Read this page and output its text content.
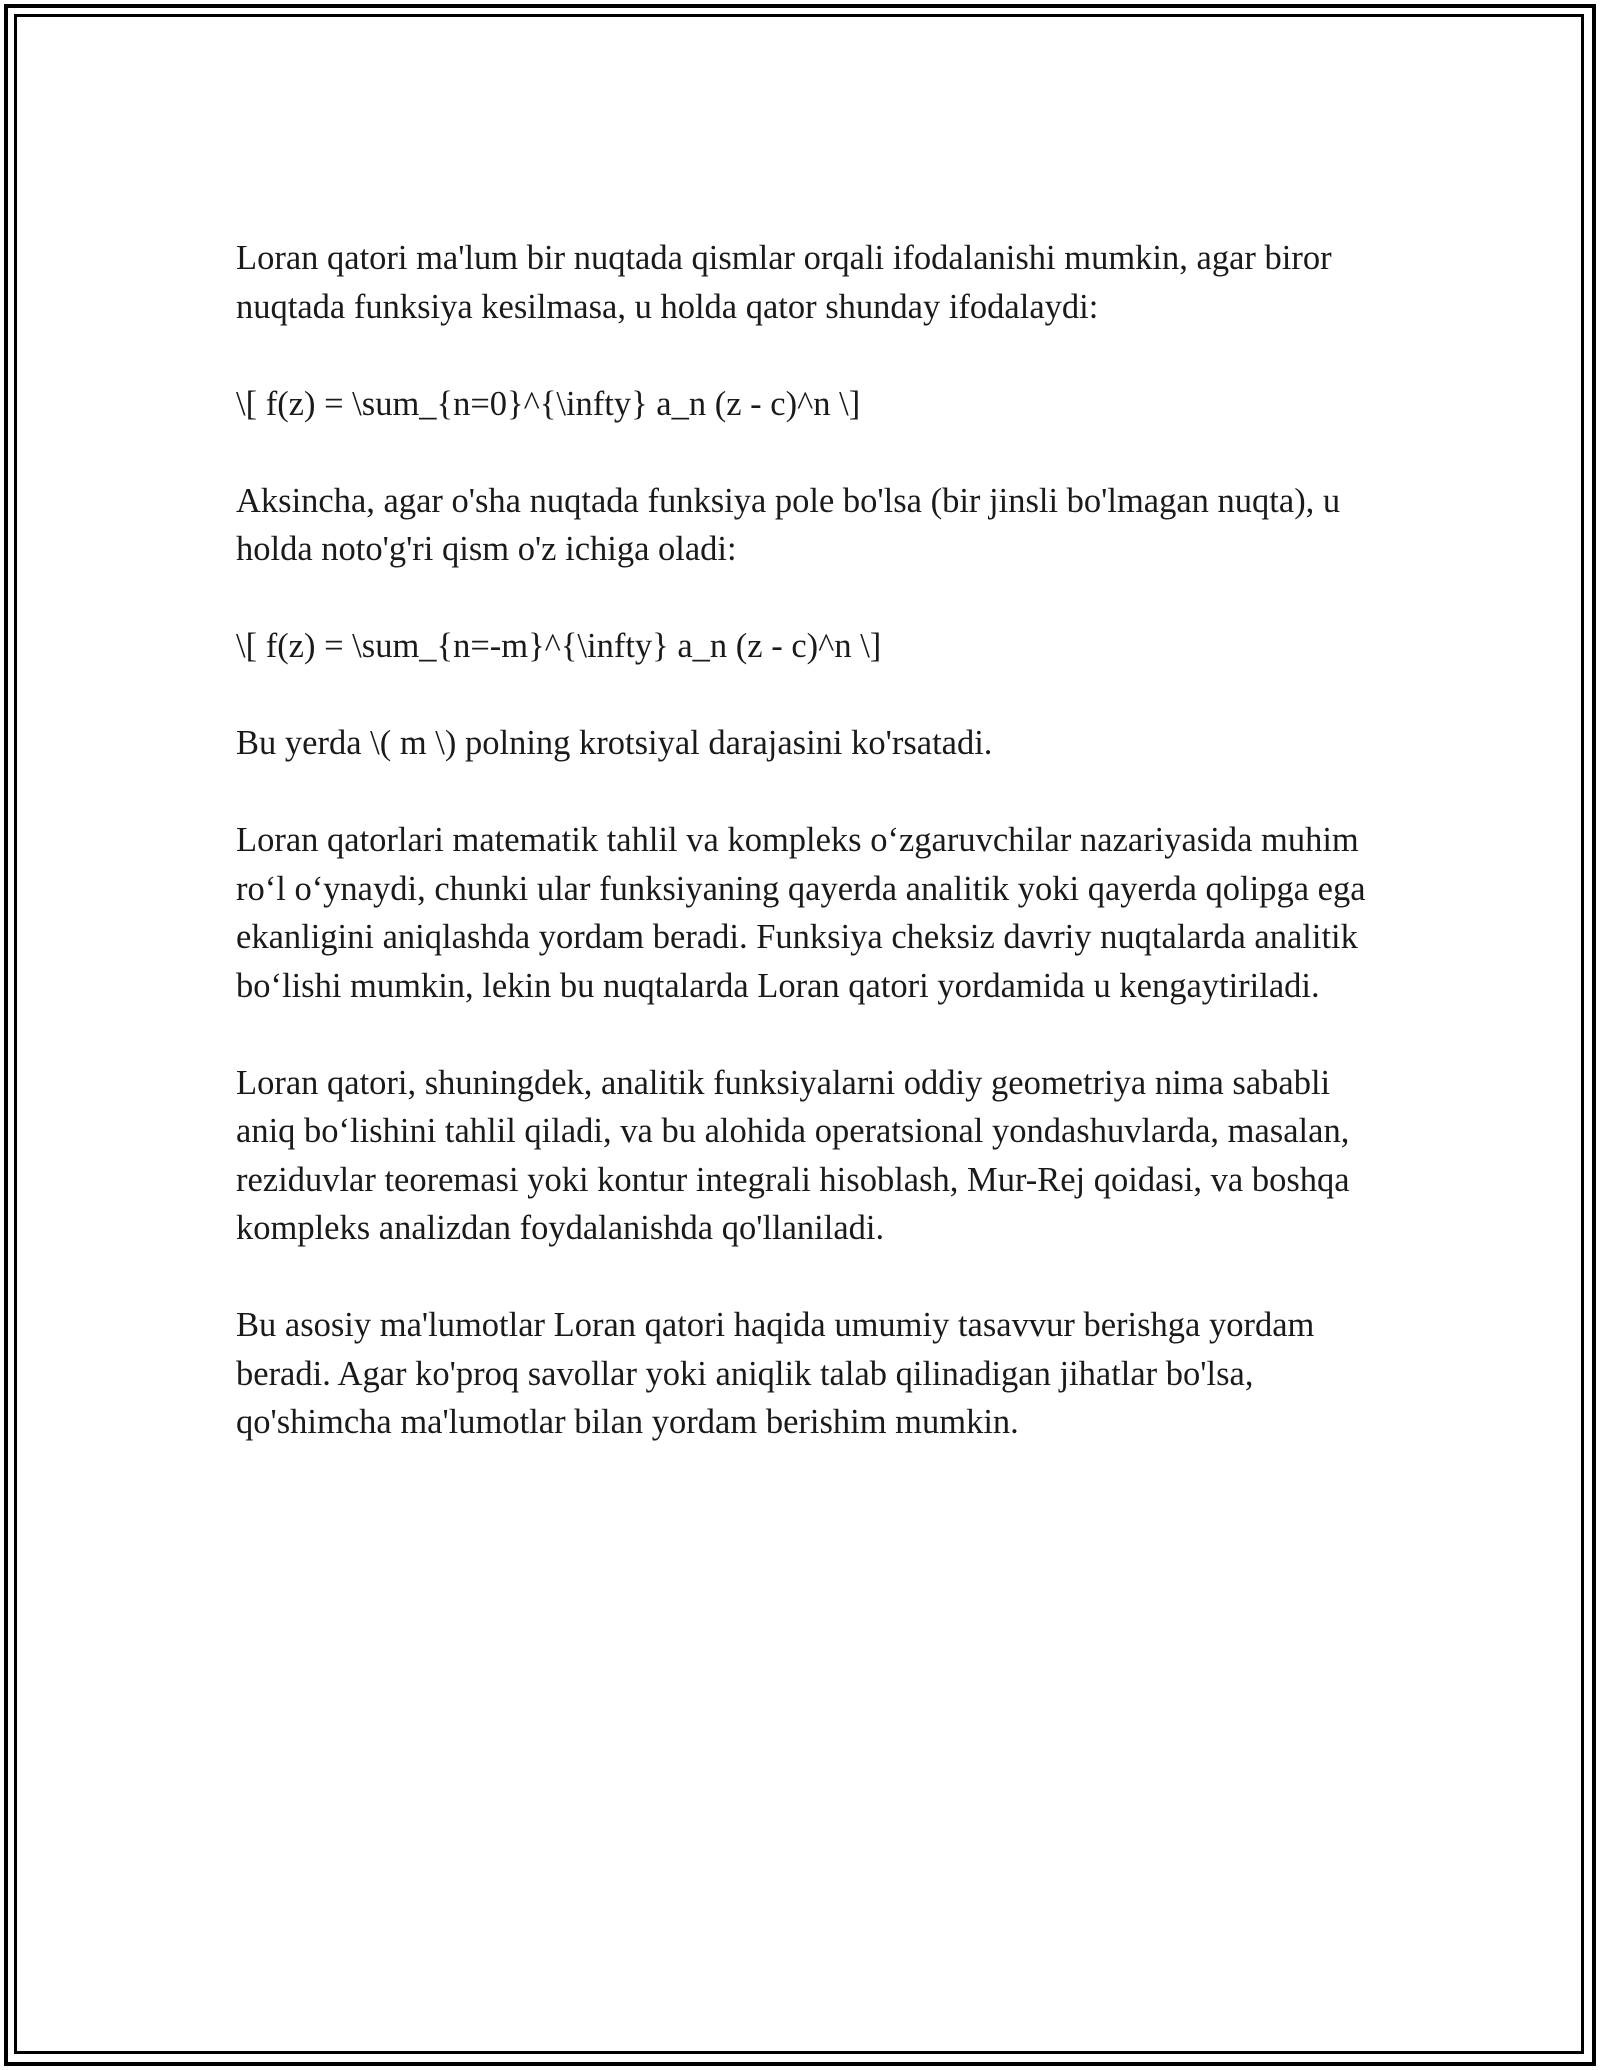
Loran qatori ma'lum bir nuqtada qismlar orqali ifodalanishi mumkin, agar biror nuqtada funksiya kesilmasa, u holda qator shunday ifodalaydi:

\[ f(z) = \sum_{n=0}^{\infty} a_n (z - c)^n \]

Aksincha, agar o'sha nuqtada funksiya pole bo'lsa (bir jinsli bo'lmagan nuqta), u holda noto'g'ri qism o'z ichiga oladi:

\[ f(z) = \sum_{n=-m}^{\infty} a_n (z - c)^n \]

Bu yerda \( m \) polning krotsiyal darajasini ko'rsatadi.

Loran qatorlari matematik tahlil va kompleks o‘zgaruvchilar nazariyasida muhim ro‘l o‘ynaydi, chunki ular funksiyaning qayerda analitik yoki qayerda qolipga ega ekanligini aniqlashda yordam beradi. Funksiya cheksiz davriy nuqtalarda analitik bo‘lishi mumkin, lekin bu nuqtalarda Loran qatori yordamida u kengaytiriladi.

Loran qatori, shuningdek, analitik funksiyalarni oddiy geometriya nima sababli aniq bo‘lishini tahlil qiladi, va bu alohida operatsional yondashuvlarda, masalan, reziduvlar teoremasi yoki kontur integrali hisoblash, Mur-Rej qoidasi, va boshqa kompleks analizdan foydalanishda qo'llaniladi.

Bu asosiy ma'lumotlar Loran qatori haqida umumiy tasavvur berishga yordam beradi. Agar ko'proq savollar yoki aniqlik talab qilinadigan jihatlar bo'lsa, qo'shimcha ma'lumotlar bilan yordam berishim mumkin.
